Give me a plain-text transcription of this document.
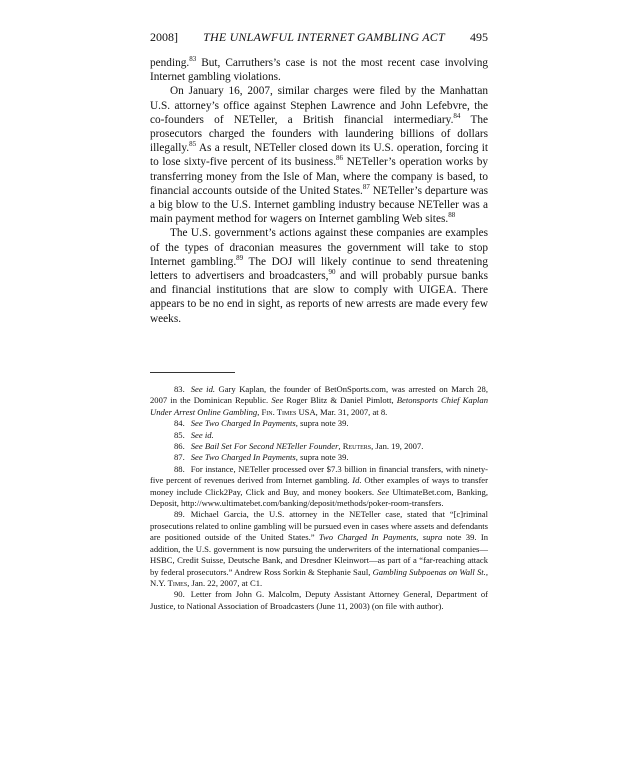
2008] THE UNLAWFUL INTERNET GAMBLING ACT 495

pending.$^{83}$ But, Carruthers’s case is not the most recent case involving Internet gambling violations.

On January 16, 2007, similar charges were filed by the Manhattan U.S. attorney’s office against Stephen Lawrence and John Lefebvre, the co-founders of NETeller, a British financial intermediary.$^{84}$ The prosecutors charged the founders with laundering billions of dollars illegally.$^{85}$ As a result, NETeller closed down its U.S. operation, forcing it to lose sixty-five percent of its business.$^{86}$ NETeller’s operation works by transferring money from the Isle of Man, where the company is based, to financial accounts outside of the United States.$^{87}$ NETeller’s departure was a big blow to the U.S. Internet gambling industry because NETeller was a main payment method for wagers on Internet gambling Web sites.$^{88}$

The U.S. government’s actions against these companies are examples of the types of draconian measures the government will take to stop Internet gambling.$^{89}$ The DOJ will likely continue to send threatening letters to advertisers and broadcasters,$^{90}$ and will probably pursue banks and financial institutions that are slow to comply with UIGEA. There appears to be no end in sight, as reports of new arrests are made every few weeks.

83. See id. Gary Kaplan, the founder of BetOnSports.com, was arrested on March 28, 2007 in the Dominican Republic. See Roger Blitz & Daniel Pimlott, Betonsports Chief Kaplan Under Arrest Online Gambling, Fin. Times USA, Mar. 31, 2007, at 8.

84. See Two Charged In Payments, supra note 39.

85. See id.

86. See Bail Set For Second NETeller Founder, Reuters, Jan. 19, 2007.

87. See Two Charged In Payments, supra note 39.

88. For instance, NETeller processed over $7.3 billion in financial transfers, with ninety-five percent of revenues derived from Internet gambling. Id. Other examples of ways to transfer money include Click2Pay, Click and Buy, and money bookers. See UltimateBet.com, Banking, Deposit, http://www.ultimatebet.com/banking/deposit/methods/poker-room-transfers.

89. Michael Garcia, the U.S. attorney in the NETeller case, stated that “[c]riminal prosecutions related to online gambling will be pursued even in cases where assets and defendants are positioned outside of the United States.” Two Charged In Payments, supra note 39. In addition, the U.S. government is now pursuing the underwriters of the international companies—HSBC, Credit Suisse, Deutsche Bank, and Dresdner Kleinwort—as part of a “far-reaching attack by federal prosecutors.” Andrew Ross Sorkin & Stephanie Saul, Gambling Subpoenas on Wall St., N.Y. Times, Jan. 22, 2007, at C1.

90. Letter from John G. Malcolm, Deputy Assistant Attorney General, Department of Justice, to National Association of Broadcasters (June 11, 2003) (on file with author).
